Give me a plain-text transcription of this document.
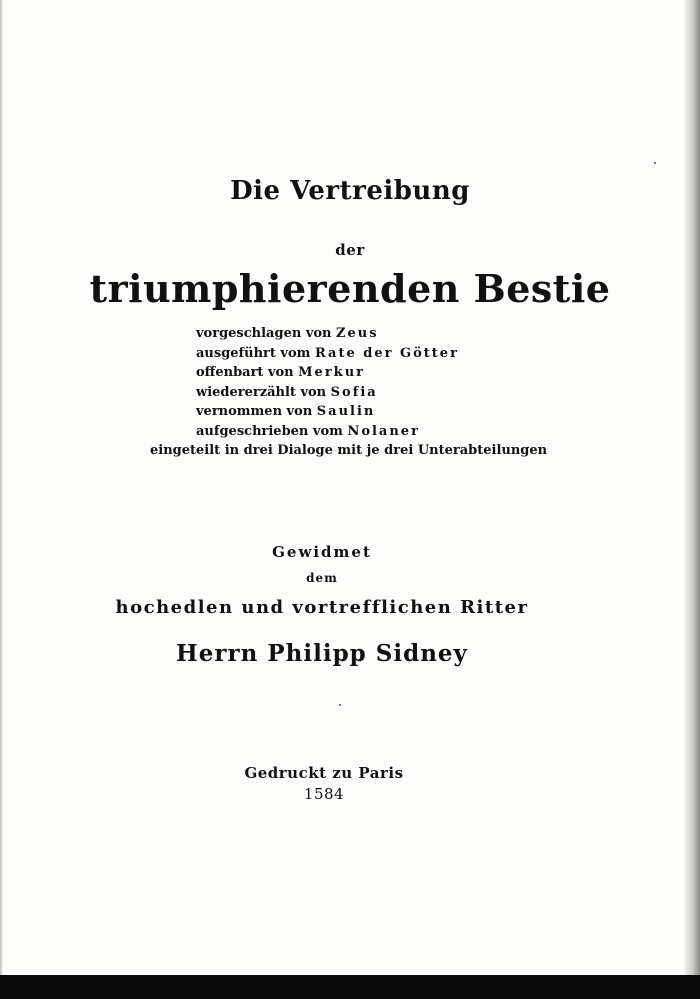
Die Vertreibung
der
triumphierenden Bestie
vorgeschlagen von Zeus
ausgeführt vom Rate der Götter
offenbart von Merkur
wiedererzählt von Sofia
vernommen von Saulin
aufgeschrieben vom Nolaner
eingeteilt in drei Dialoge mit je drei Unterabteilungen
Gewidmet
dem
hochedlen und vortrefflichen Ritter
Herrn Philipp Sidney
Gedruckt zu Paris
1584
